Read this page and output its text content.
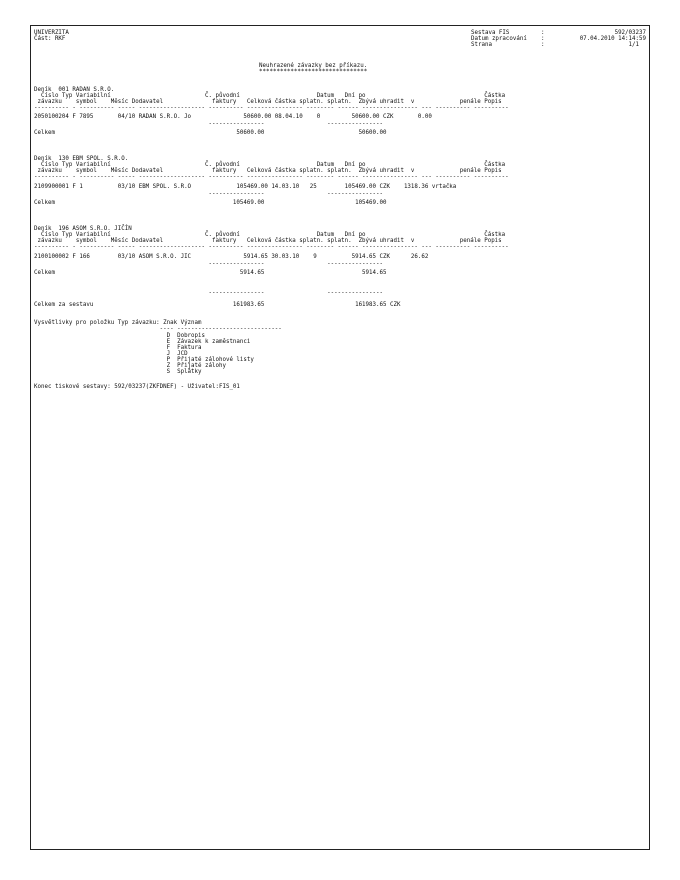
UNIVERZITA
Část: RKF
Sestava FIS	:	592/03237
Datum zpracování :	07.04.2010 14:14:59
Strana	:	1/1
Neuhrazené závazky bez příkazu.
*******************************
Deník  001 RADAN S.R.O.
Číslo Typ Variabilní                           Č. původní                      Datum   Dní po                                  Částka
závazku    symbol    Měsíc Dodavatel              faktury   Celková částka splatn. splatn.  Zbývá uhradit  v             penále Popis
---------- - ---------- ----- ------------------- ---------- ---------------- -------- ------ ---------------- --- ---------- ----------
2050100204 F 7895       04/10 RADAN S.R.O. Jo               50600.00 08.04.10    0         50600.00 CZK       0.00
----------------                  ----------------
Celkem                                                    50600.00                           50600.00
Deník  130 EBM SPOL. S.R.O.
Číslo Typ Variabilní                           Č. původní                      Datum   Dní po                                  Částka
závazku    symbol    Měsíc Dodavatel              faktury   Celková částka splatn. splatn.  Zbývá uhradit  v             penále Popis
---------- - ---------- ----- ------------------- ---------- ---------------- -------- ------ ---------------- --- ---------- ----------
2109900001 F 1          03/10 EBM SPOL. S.R.O             105469.00 14.03.10   25        105469.00 CZK    1318.36 vrtačka
----------------                  ----------------
Celkem                                                   105469.00                          105469.00
Deník  196 ASOM S.R.O. JIČÍN
Číslo Typ Variabilní                           Č. původní                      Datum   Dní po                                  Částka
závazku    symbol    Měsíc Dodavatel              faktury   Celková částka splatn. splatn.  Zbývá uhradit  v             penále Popis
---------- - ---------- ----- ------------------- ---------- ---------------- -------- ------ ---------------- --- ---------- ----------
2100100002 F 166        03/10 ASOM S.R.O. JIC               5914.65 30.03.10    9          5914.65 CZK      26.62
----------------                  ----------------
Celkem                                                     5914.65                            5914.65
----------------                  ----------------
Celkem za sestavu                                        161983.65                          161983.65 CZK
Vysvětlivky pro položku Typ závazku: Znak Význam
---- ------------------------------
D  Dobropis
E  Závazek k zaměstnanci
F  Faktura
J  JCD
P  Přijaté zálohové listy
Z  Přijaté zálohy
S  Splátky
Konec tiskové sestavy: 592/03237(ZKFDNEF) - Uživatel:FIS_01
